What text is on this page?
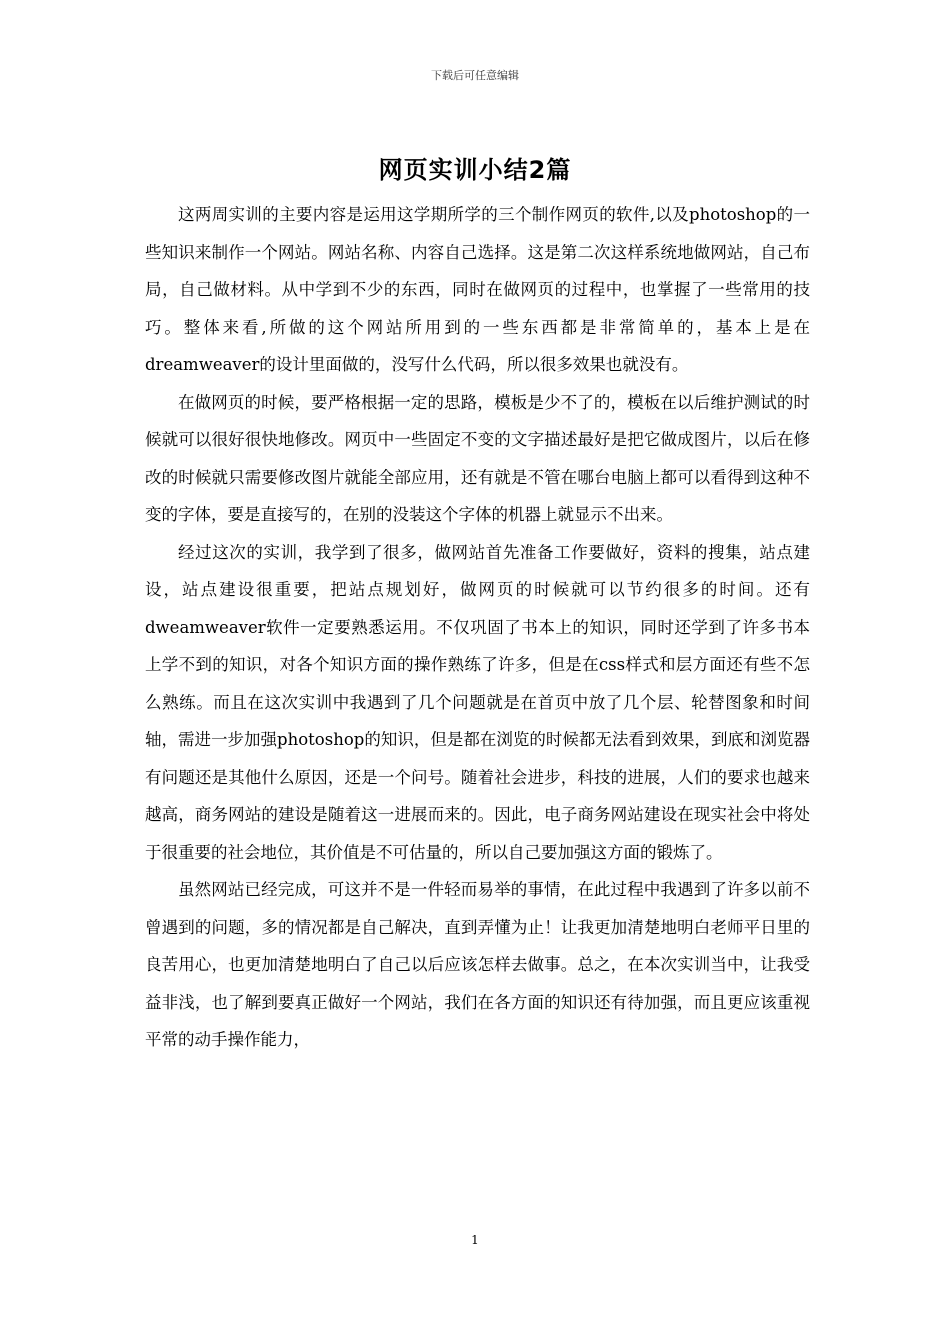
下载后可任意编辑
网页实训小结2篇

这两周实训的主要内容是运用这学期所学的三个制作网页的软件,以及photoshop的一些知识来制作一个网站。网站名称、内容自己选择。这是第二次这样系统地做网站，自己布局，自己做材料。从中学到不少的东西，同时在做网页的过程中，也掌握了一些常用的技巧。整体来看,所做的这个网站所用到的一些东西都是非常简单的，基本上是在dreamweaver的设计里面做的，没写什么代码，所以很多效果也就没有。

在做网页的时候，要严格根据一定的思路，模板是少不了的，模板在以后维护测试的时候就可以很好很快地修改。网页中一些固定不变的文字描述最好是把它做成图片，以后在修改的时候就只需要修改图片就能全部应用，还有就是不管在哪台电脑上都可以看得到这种不变的字体，要是直接写的，在别的没装这个字体的机器上就显示不出来。

经过这次的实训，我学到了很多，做网站首先准备工作要做好，资料的搜集，站点建设，站点建设很重要，把站点规划好，做网页的时候就可以节约很多的时间。还有dweamweaver软件一定要熟悉运用。不仅巩固了书本上的知识，同时还学到了许多书本上学不到的知识，对各个知识方面的操作熟练了许多，但是在css样式和层方面还有些不怎么熟练。而且在这次实训中我遇到了几个问题就是在首页中放了几个层、轮替图象和时间轴，需进一步加强photoshop的知识，但是都在浏览的时候都无法看到效果，到底和浏览器有问题还是其他什么原因，还是一个问号。随着社会进步，科技的进展，人们的要求也越来越高，商务网站的建设是随着这一进展而来的。因此，电子商务网站建设在现实社会中将处于很重要的社会地位，其价值是不可估量的，所以自己要加强这方面的锻炼了。

虽然网站已经完成，可这并不是一件轻而易举的事情，在此过程中我遇到了许多以前不曾遇到的问题，多的情况都是自己解决，直到弄懂为止！让我更加清楚地明白老师平日里的良苦用心，也更加清楚地明白了自己以后应该怎样去做事。总之，在本次实训当中，让我受益非浅，也了解到要真正做好一个网站，我们在各方面的知识还有待加强，而且更应该重视平常的动手操作能力，

1
